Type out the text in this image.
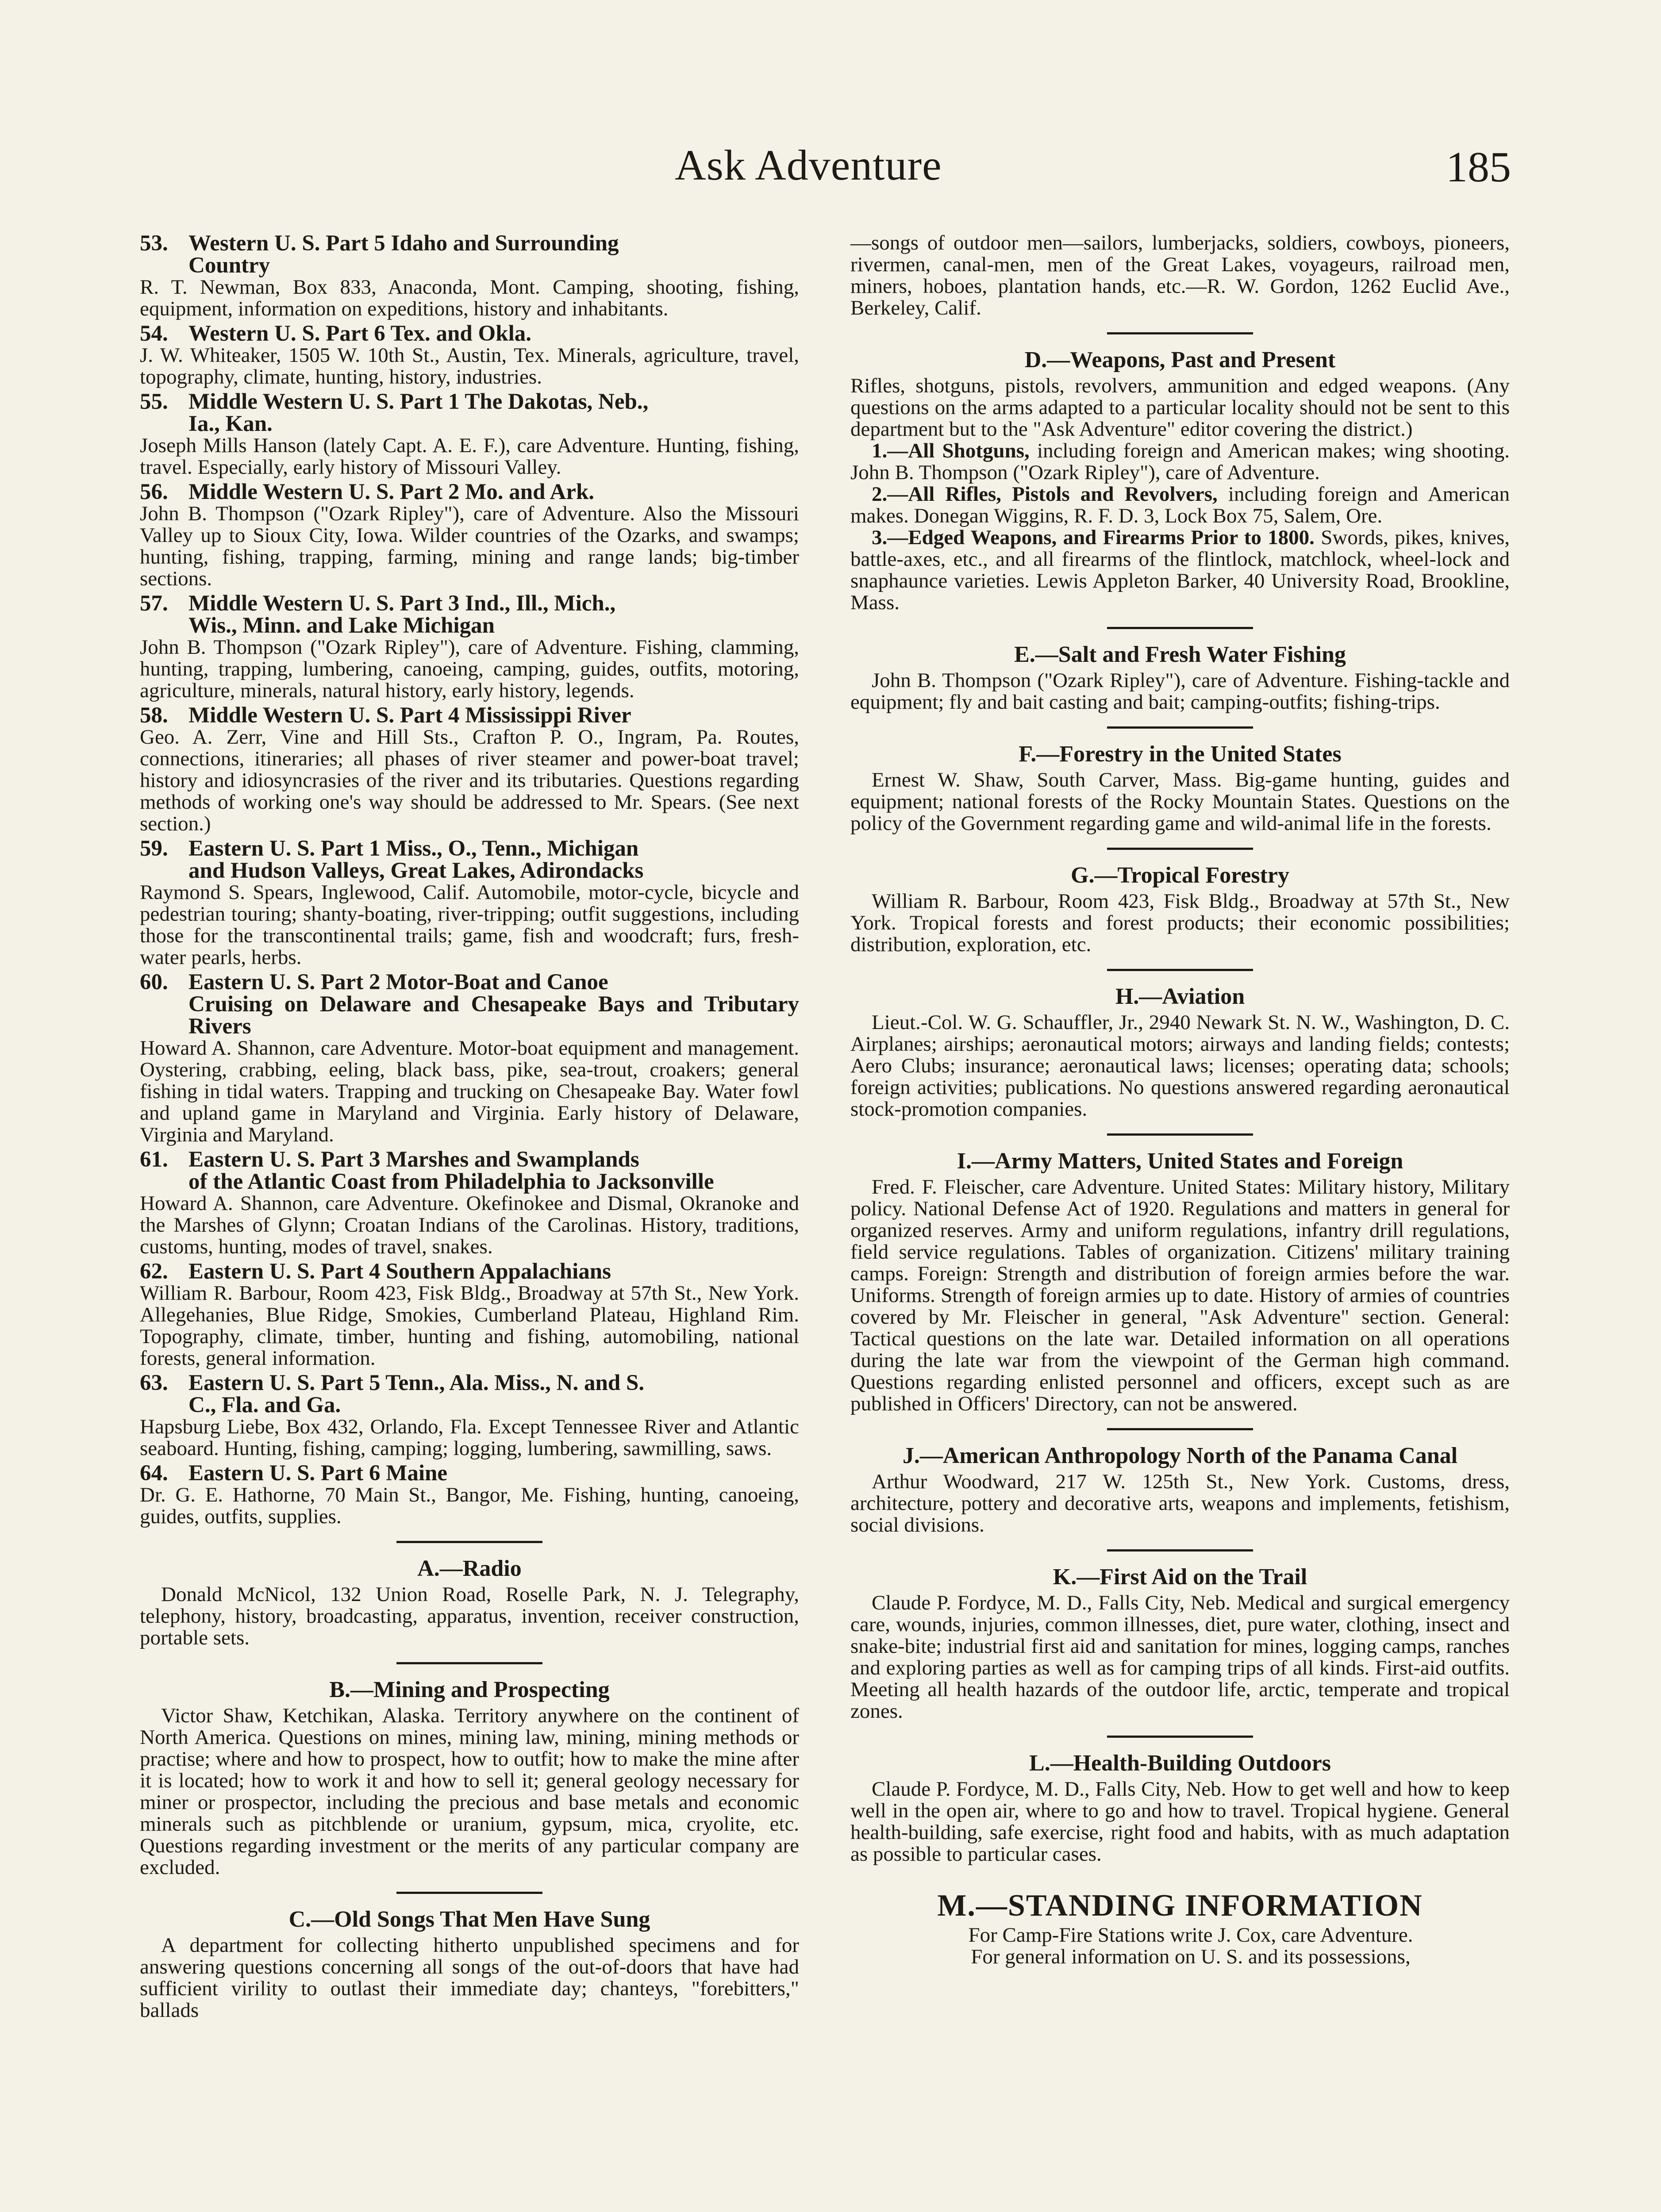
Ask Adventure	185
53. Western U. S. Part 5 Idaho and Surrounding
Country
R. T. Newman, Box 833, Anaconda, Mont. Camping, shooting, fishing, equipment, information on expeditions, history and inhabitants.
54. Western U. S. Part 6 Tex. and Okla.
J. W. Whiteaker, 1505 W. 10th St., Austin, Tex. Minerals, agriculture, travel, topography, climate, hunting, history, industries.
55. Middle Western U. S. Part 1 The Dakotas, Neb.,
Ia., Kan.
Joseph Mills Hanson (lately Capt. A. E. F.), care Adventure. Hunting, fishing, travel. Especially, early history of Missouri Valley.
56. Middle Western U. S. Part 2 Mo. and Ark.
John B. Thompson ("Ozark Ripley"), care of Adventure. Also the Missouri Valley up to Sioux City, Iowa. Wilder countries of the Ozarks, and swamps; hunting, fishing, trapping, farming, mining and range lands; big-timber sections.
57. Middle Western U. S. Part 3 Ind., Ill., Mich.,
Wis., Minn. and Lake Michigan
John B. Thompson ("Ozark Ripley"), care of Adventure. Fishing, clamming, hunting, trapping, lumbering, canoeing, camping, guides, outfits, motoring, agriculture, minerals, natural history, early history, legends.
58. Middle Western U. S. Part 4 Mississippi River
Geo. A. Zerr, Vine and Hill Sts., Crafton P. O., Ingram, Pa. Routes, connections, itineraries; all phases of river steamer and power-boat travel; history and idiosyncrasies of the river and its tributaries. Questions regarding methods of working one's way should be addressed to Mr. Spears. (See next section.)
59. Eastern U. S. Part 1 Miss., O., Tenn., Michigan
and Hudson Valleys, Great Lakes, Adirondacks
Raymond S. Spears, Inglewood, Calif. Automobile, motor-cycle, bicycle and pedestrian touring; shanty-boating, river-tripping; outfit suggestions, including those for the transcontinental trails; game, fish and woodcraft; furs, fresh-water pearls, herbs.
60. Eastern U. S. Part 2 Motor-Boat and Canoe
Cruising on Delaware and Chesapeake Bays and Tributary Rivers
Howard A. Shannon, care Adventure. Motor-boat equipment and management. Oystering, crabbing, eeling, black bass, pike, sea-trout, croakers; general fishing in tidal waters. Trapping and trucking on Chesapeake Bay. Water fowl and upland game in Maryland and Virginia. Early history of Delaware, Virginia and Maryland.
61. Eastern U. S. Part 3 Marshes and Swamplands
of the Atlantic Coast from Philadelphia to Jacksonville
Howard A. Shannon, care Adventure. Okefinokee and Dismal, Okranoke and the Marshes of Glynn; Croatan Indians of the Carolinas. History, traditions, customs, hunting, modes of travel, snakes.
62. Eastern U. S. Part 4 Southern Appalachians
William R. Barbour, Room 423, Fisk Bldg., Broadway at 57th St., New York. Allegehanies, Blue Ridge, Smokies, Cumberland Plateau, Highland Rim. Topography, climate, timber, hunting and fishing, automobiling, national forests, general information.
63. Eastern U. S. Part 5 Tenn., Ala. Miss., N. and S.
C., Fla. and Ga.
Hapsburg Liebe, Box 432, Orlando, Fla. Except Tennessee River and Atlantic seaboard. Hunting, fishing, camping; logging, lumbering, sawmilling, saws.
64. Eastern U. S. Part 6 Maine
Dr. G. E. Hathorne, 70 Main St., Bangor, Me. Fishing, hunting, canoeing, guides, outfits, supplies.
A.—Radio
Donald McNicol, 132 Union Road, Roselle Park, N. J. Telegraphy, telephony, history, broadcasting, apparatus, invention, receiver construction, portable sets.
B.—Mining and Prospecting
Victor Shaw, Ketchikan, Alaska. Territory anywhere on the continent of North America. Questions on mines, mining law, mining, mining methods or practise; where and how to prospect, how to outfit; how to make the mine after it is located; how to work it and how to sell it; general geology necessary for miner or prospector, including the precious and base metals and economic minerals such as pitchblende or uranium, gypsum, mica, cryolite, etc. Questions regarding investment or the merits of any particular company are excluded.
C.—Old Songs That Men Have Sung
A department for collecting hitherto unpublished specimens and for answering questions concerning all songs of the out-of-doors that have had sufficient virility to outlast their immediate day; chanteys, "forebitters," ballads
—songs of outdoor men—sailors, lumberjacks, soldiers, cowboys, pioneers, rivermen, canal-men, men of the Great Lakes, voyageurs, railroad men, miners, hoboes, plantation hands, etc.—R. W. Gordon, 1262 Euclid Ave., Berkeley, Calif.
D.—Weapons, Past and Present
Rifles, shotguns, pistols, revolvers, ammunition and edged weapons. (Any questions on the arms adapted to a particular locality should not be sent to this department but to the "Ask Adventure" editor covering the district.)
1.—All Shotguns, including foreign and American makes; wing shooting. John B. Thompson ("Ozark Ripley"), care of Adventure.
2.—All Rifles, Pistols and Revolvers, including foreign and American makes. Donegan Wiggins, R. F. D. 3, Lock Box 75, Salem, Ore.
3.—Edged Weapons, and Firearms Prior to 1800. Swords, pikes, knives, battle-axes, etc., and all firearms of the flintlock, matchlock, wheel-lock and snaphaunce varieties. Lewis Appleton Barker, 40 University Road, Brookline, Mass.
E.—Salt and Fresh Water Fishing
John B. Thompson ("Ozark Ripley"), care of Adventure. Fishing-tackle and equipment; fly and bait casting and bait; camping-outfits; fishing-trips.
F.—Forestry in the United States
Ernest W. Shaw, South Carver, Mass. Big-game hunting, guides and equipment; national forests of the Rocky Mountain States. Questions on the policy of the Government regarding game and wild-animal life in the forests.
G.—Tropical Forestry
William R. Barbour, Room 423, Fisk Bldg., Broadway at 57th St., New York. Tropical forests and forest products; their economic possibilities; distribution, exploration, etc.
H.—Aviation
Lieut.-Col. W. G. Schauffler, Jr., 2940 Newark St. N. W., Washington, D. C. Airplanes; airships; aeronautical motors; airways and landing fields; contests; Aero Clubs; insurance; aeronautical laws; licenses; operating data; schools; foreign activities; publications. No questions answered regarding aeronautical stock-promotion companies.
I.—Army Matters, United States and Foreign
Fred. F. Fleischer, care Adventure. United States: Military history, Military policy. National Defense Act of 1920. Regulations and matters in general for organized reserves. Army and uniform regulations, infantry drill regulations, field service regulations. Tables of organization. Citizens' military training camps. Foreign: Strength and distribution of foreign armies before the war. Uniforms. Strength of foreign armies up to date. History of armies of countries covered by Mr. Fleischer in general, "Ask Adventure" section. General: Tactical questions on the late war. Detailed information on all operations during the late war from the viewpoint of the German high command. Questions regarding enlisted personnel and officers, except such as are published in Officers' Directory, can not be answered.
J.—American Anthropology North of the Panama Canal
Arthur Woodward, 217 W. 125th St., New York. Customs, dress, architecture, pottery and decorative arts, weapons and implements, fetishism, social divisions.
K.—First Aid on the Trail
Claude P. Fordyce, M. D., Falls City, Neb. Medical and surgical emergency care, wounds, injuries, common illnesses, diet, pure water, clothing, insect and snake-bite; industrial first aid and sanitation for mines, logging camps, ranches and exploring parties as well as for camping trips of all kinds. First-aid outfits. Meeting all health hazards of the outdoor life, arctic, temperate and tropical zones.
L.—Health-Building Outdoors
Claude P. Fordyce, M. D., Falls City, Neb. How to get well and how to keep well in the open air, where to go and how to travel. Tropical hygiene. General health-building, safe exercise, right food and habits, with as much adaptation as possible to particular cases.
M.—STANDING INFORMATION
For Camp-Fire Stations write J. Cox, care Adventure.
For general information on U. S. and its possessions,
